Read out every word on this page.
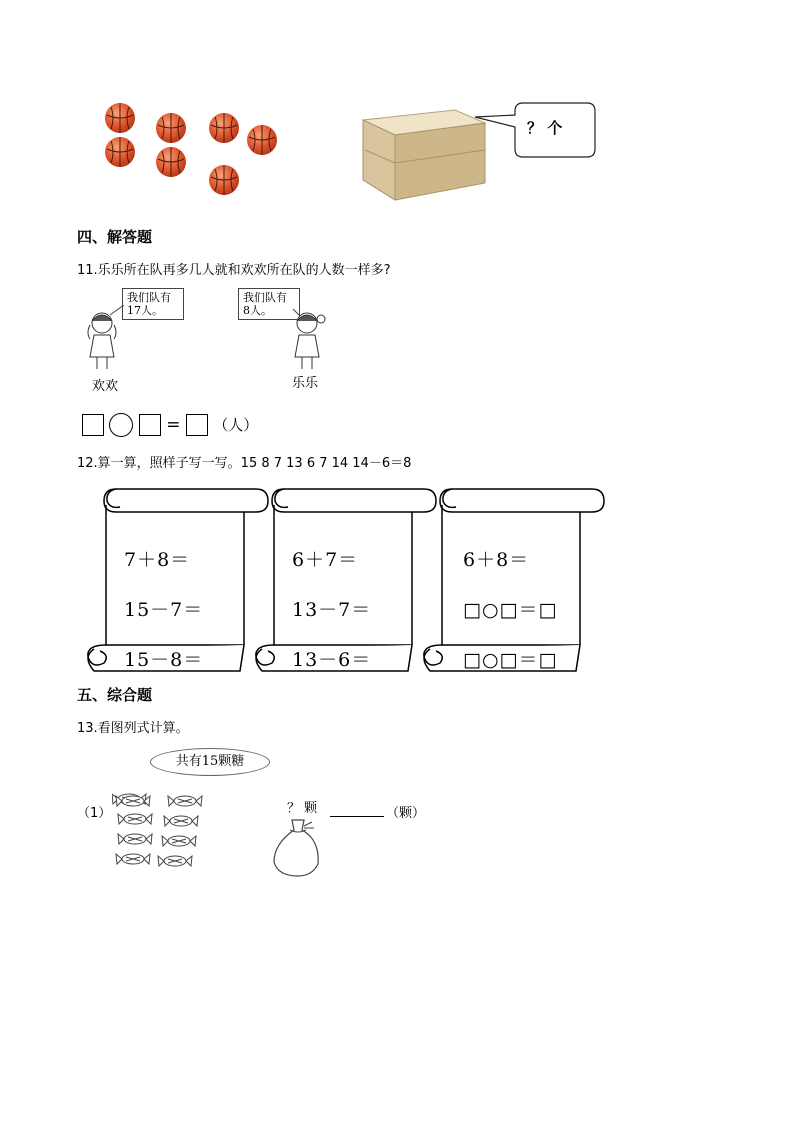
？ 个
四、解答题
11.乐乐所在队再多几人就和欢欢所在队的人数一样多?
我们队有
17人。
欢欢
我们队有
8人。
乐乐
= （人）
12.算一算，照样子写一写。15 8 7 13 6 7 14 14－6＝8
7＋8＝
15－7＝
15－8＝
6＋7＝
13－7＝
13－6＝
6＋8＝
□○□＝□
□○□＝□
五、综合题
13.看图列式计算。
共有15颗糖
（1）	？ 颗	（颗）
